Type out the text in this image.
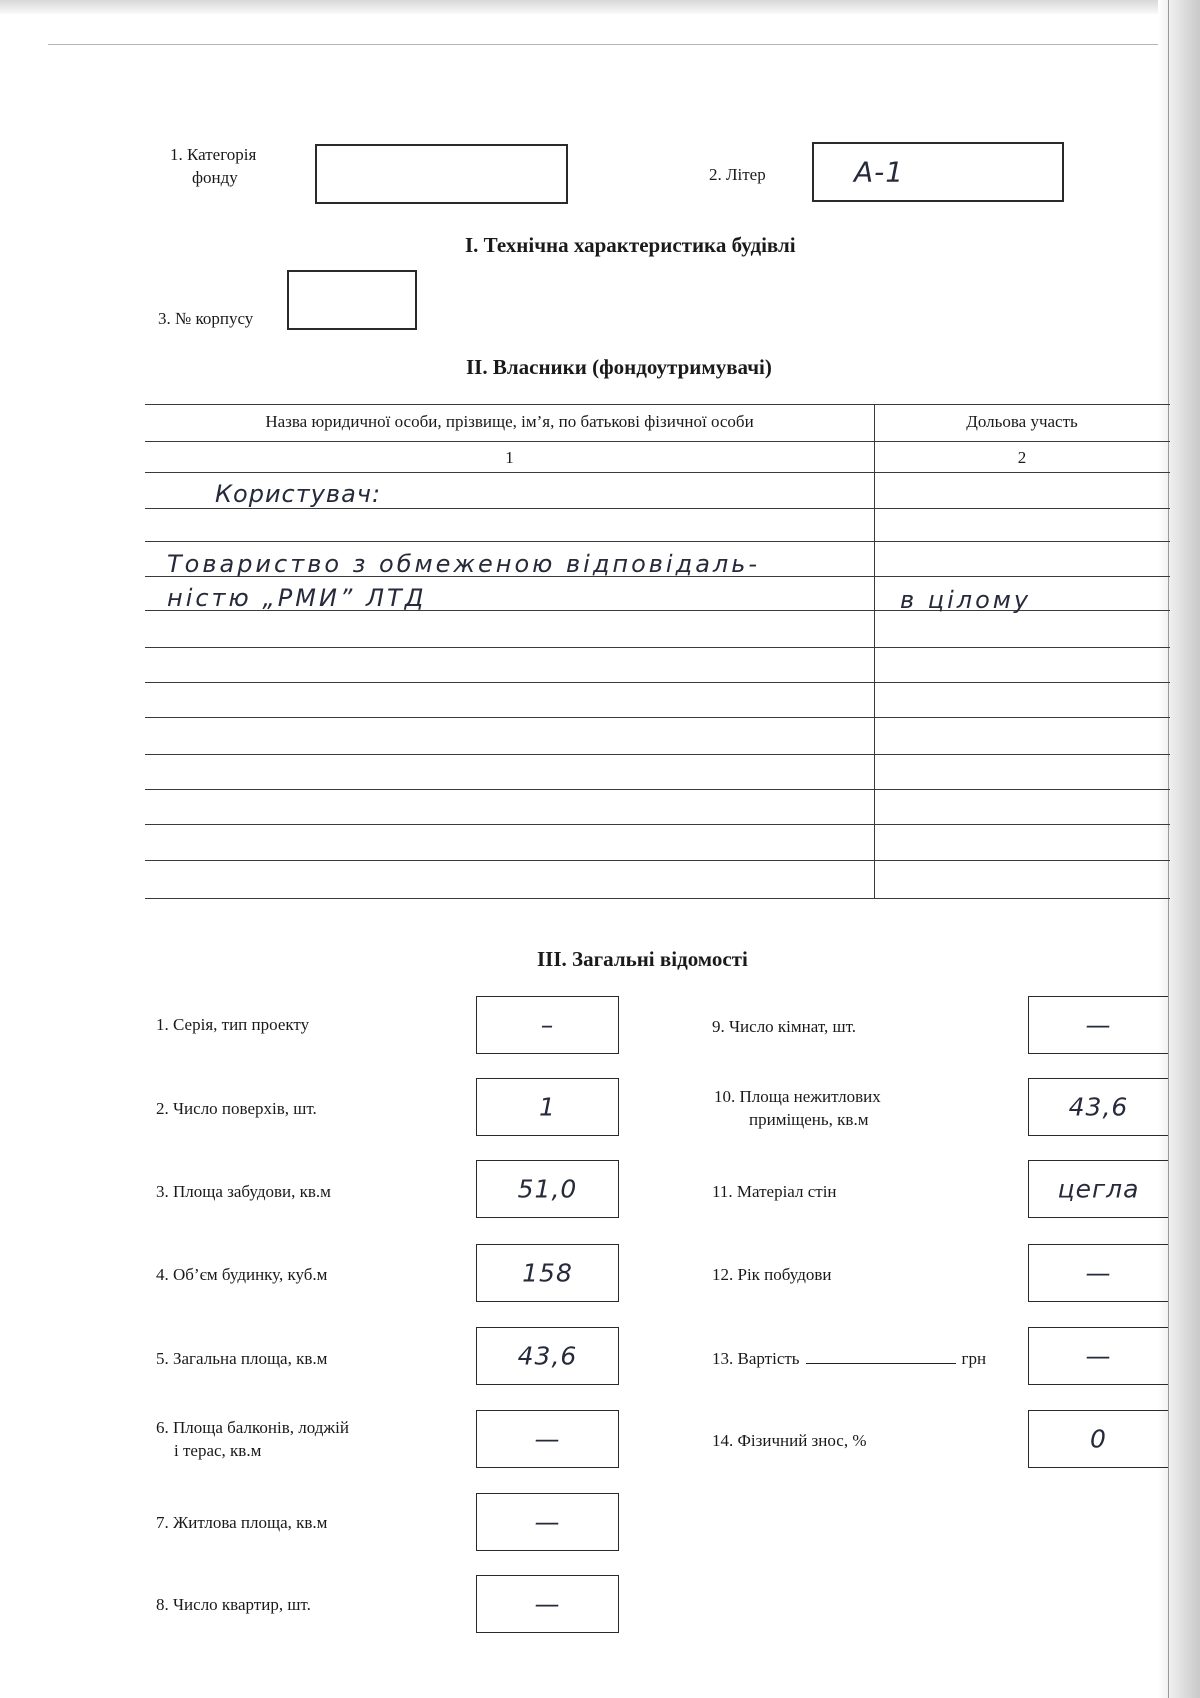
1. Категорія
фонду	2. Літер	А-1
І. Технічна характеристика будівлі
3. № корпусу
ІІ. Власники (фондоутримувачі)
Назва юридичної особи, прізвище, ім’я, по батькові фізичної особи	Дольова участь
1	2
Користувач:
Товариство з обмеженою відповідаль-
ністю „РМИ” ЛТД	в цілому
ІІІ. Загальні відомості
1. Серія, тип проекту	–
2. Число поверхів, шт.	1
3. Площа забудови, кв.м	51,0
4. Об’єм будинку, куб.м	158
5. Загальна площа, кв.м	43,6
6. Площа балконів, лоджій
і терас, кв.м	—
7. Житлова площа, кв.м	—
8. Число квартир, шт.	—
9. Число кімнат, шт.	—
10. Площа нежитлових
приміщень, кв.м	43,6
11. Матеріал стін	цегла
12. Рік побудови	—
13. Вартість	грн	—
14. Фізичний знос, %	0
